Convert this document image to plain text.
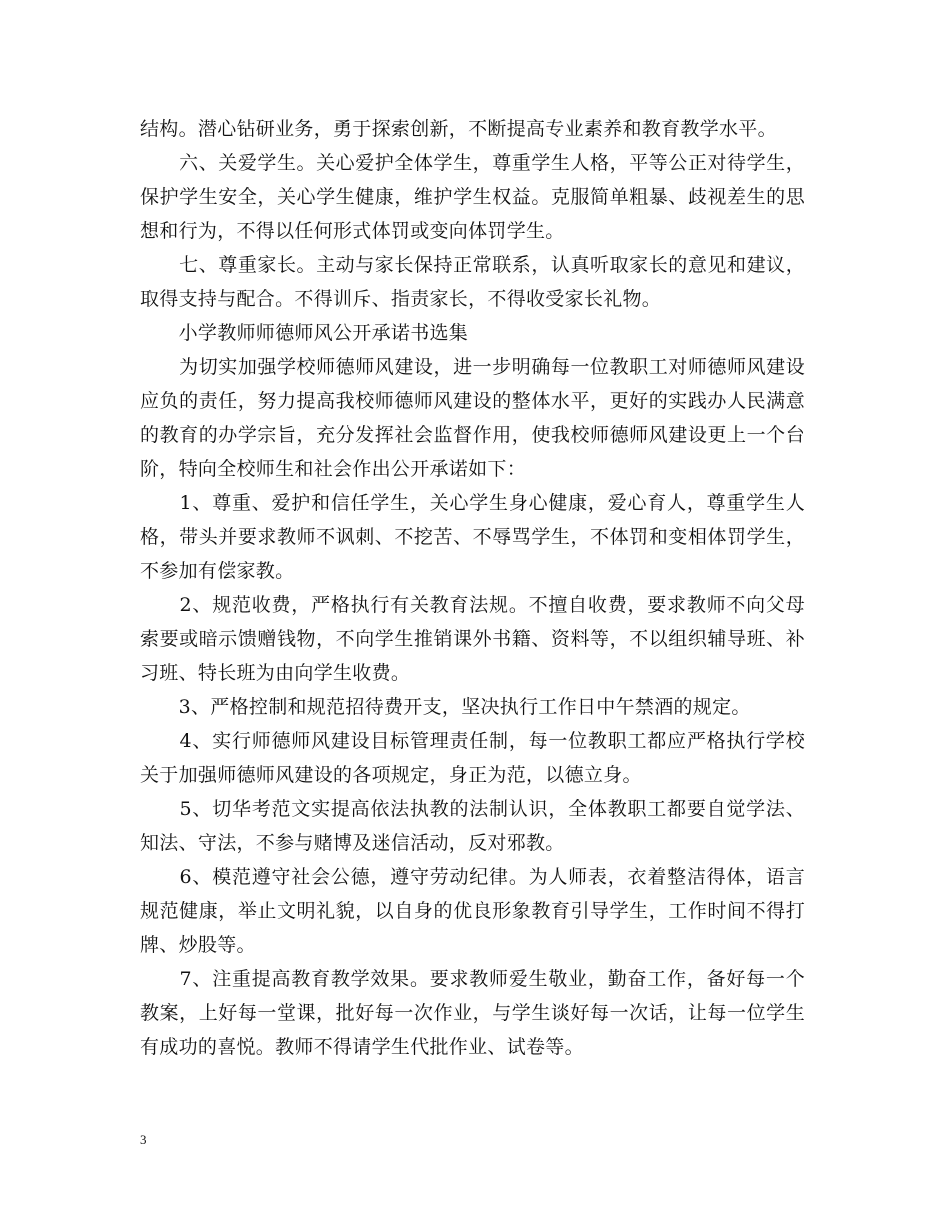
结构。潜心钻研业务，勇于探索创新，不断提高专业素养和教育教学水平。

　　六、关爱学生。关心爱护全体学生，尊重学生人格，平等公正对待学生，保护学生安全，关心学生健康，维护学生权益。克服简单粗暴、歧视差生的思想和行为，不得以任何形式体罚或变向体罚学生。

　　七、尊重家长。主动与家长保持正常联系，认真听取家长的意见和建议，取得支持与配合。不得训斥、指责家长，不得收受家长礼物。

　　小学教师师德师风公开承诺书选集

　　为切实加强学校师德师风建设，进一步明确每一位教职工对师德师风建设应负的责任，努力提高我校师德师风建设的整体水平，更好的实践办人民满意的教育的办学宗旨，充分发挥社会监督作用，使我校师德师风建设更上一个台阶，特向全校师生和社会作出公开承诺如下：

　　1、尊重、爱护和信任学生，关心学生身心健康，爱心育人，尊重学生人格，带头并要求教师不讽刺、不挖苦、不辱骂学生，不体罚和变相体罚学生，不参加有偿家教。

　　2、规范收费，严格执行有关教育法规。不擅自收费，要求教师不向父母索要或暗示馈赠钱物，不向学生推销课外书籍、资料等，不以组织辅导班、补习班、特长班为由向学生收费。

　　3、严格控制和规范招待费开支，坚决执行工作日中午禁酒的规定。

　　4、实行师德师风建设目标管理责任制，每一位教职工都应严格执行学校关于加强师德师风建设的各项规定，身正为范，以德立身。

　　5、切华考范文实提高依法执教的法制认识，全体教职工都要自觉学法、知法、守法，不参与赌博及迷信活动，反对邪教。

　　6、模范遵守社会公德，遵守劳动纪律。为人师表，衣着整洁得体，语言规范健康，举止文明礼貌，以自身的优良形象教育引导学生，工作时间不得打牌、炒股等。

　　7、注重提高教育教学效果。要求教师爱生敬业，勤奋工作，备好每一个教案，上好每一堂课，批好每一次作业，与学生谈好每一次话，让每一位学生有成功的喜悦。教师不得请学生代批作业、试卷等。

3
